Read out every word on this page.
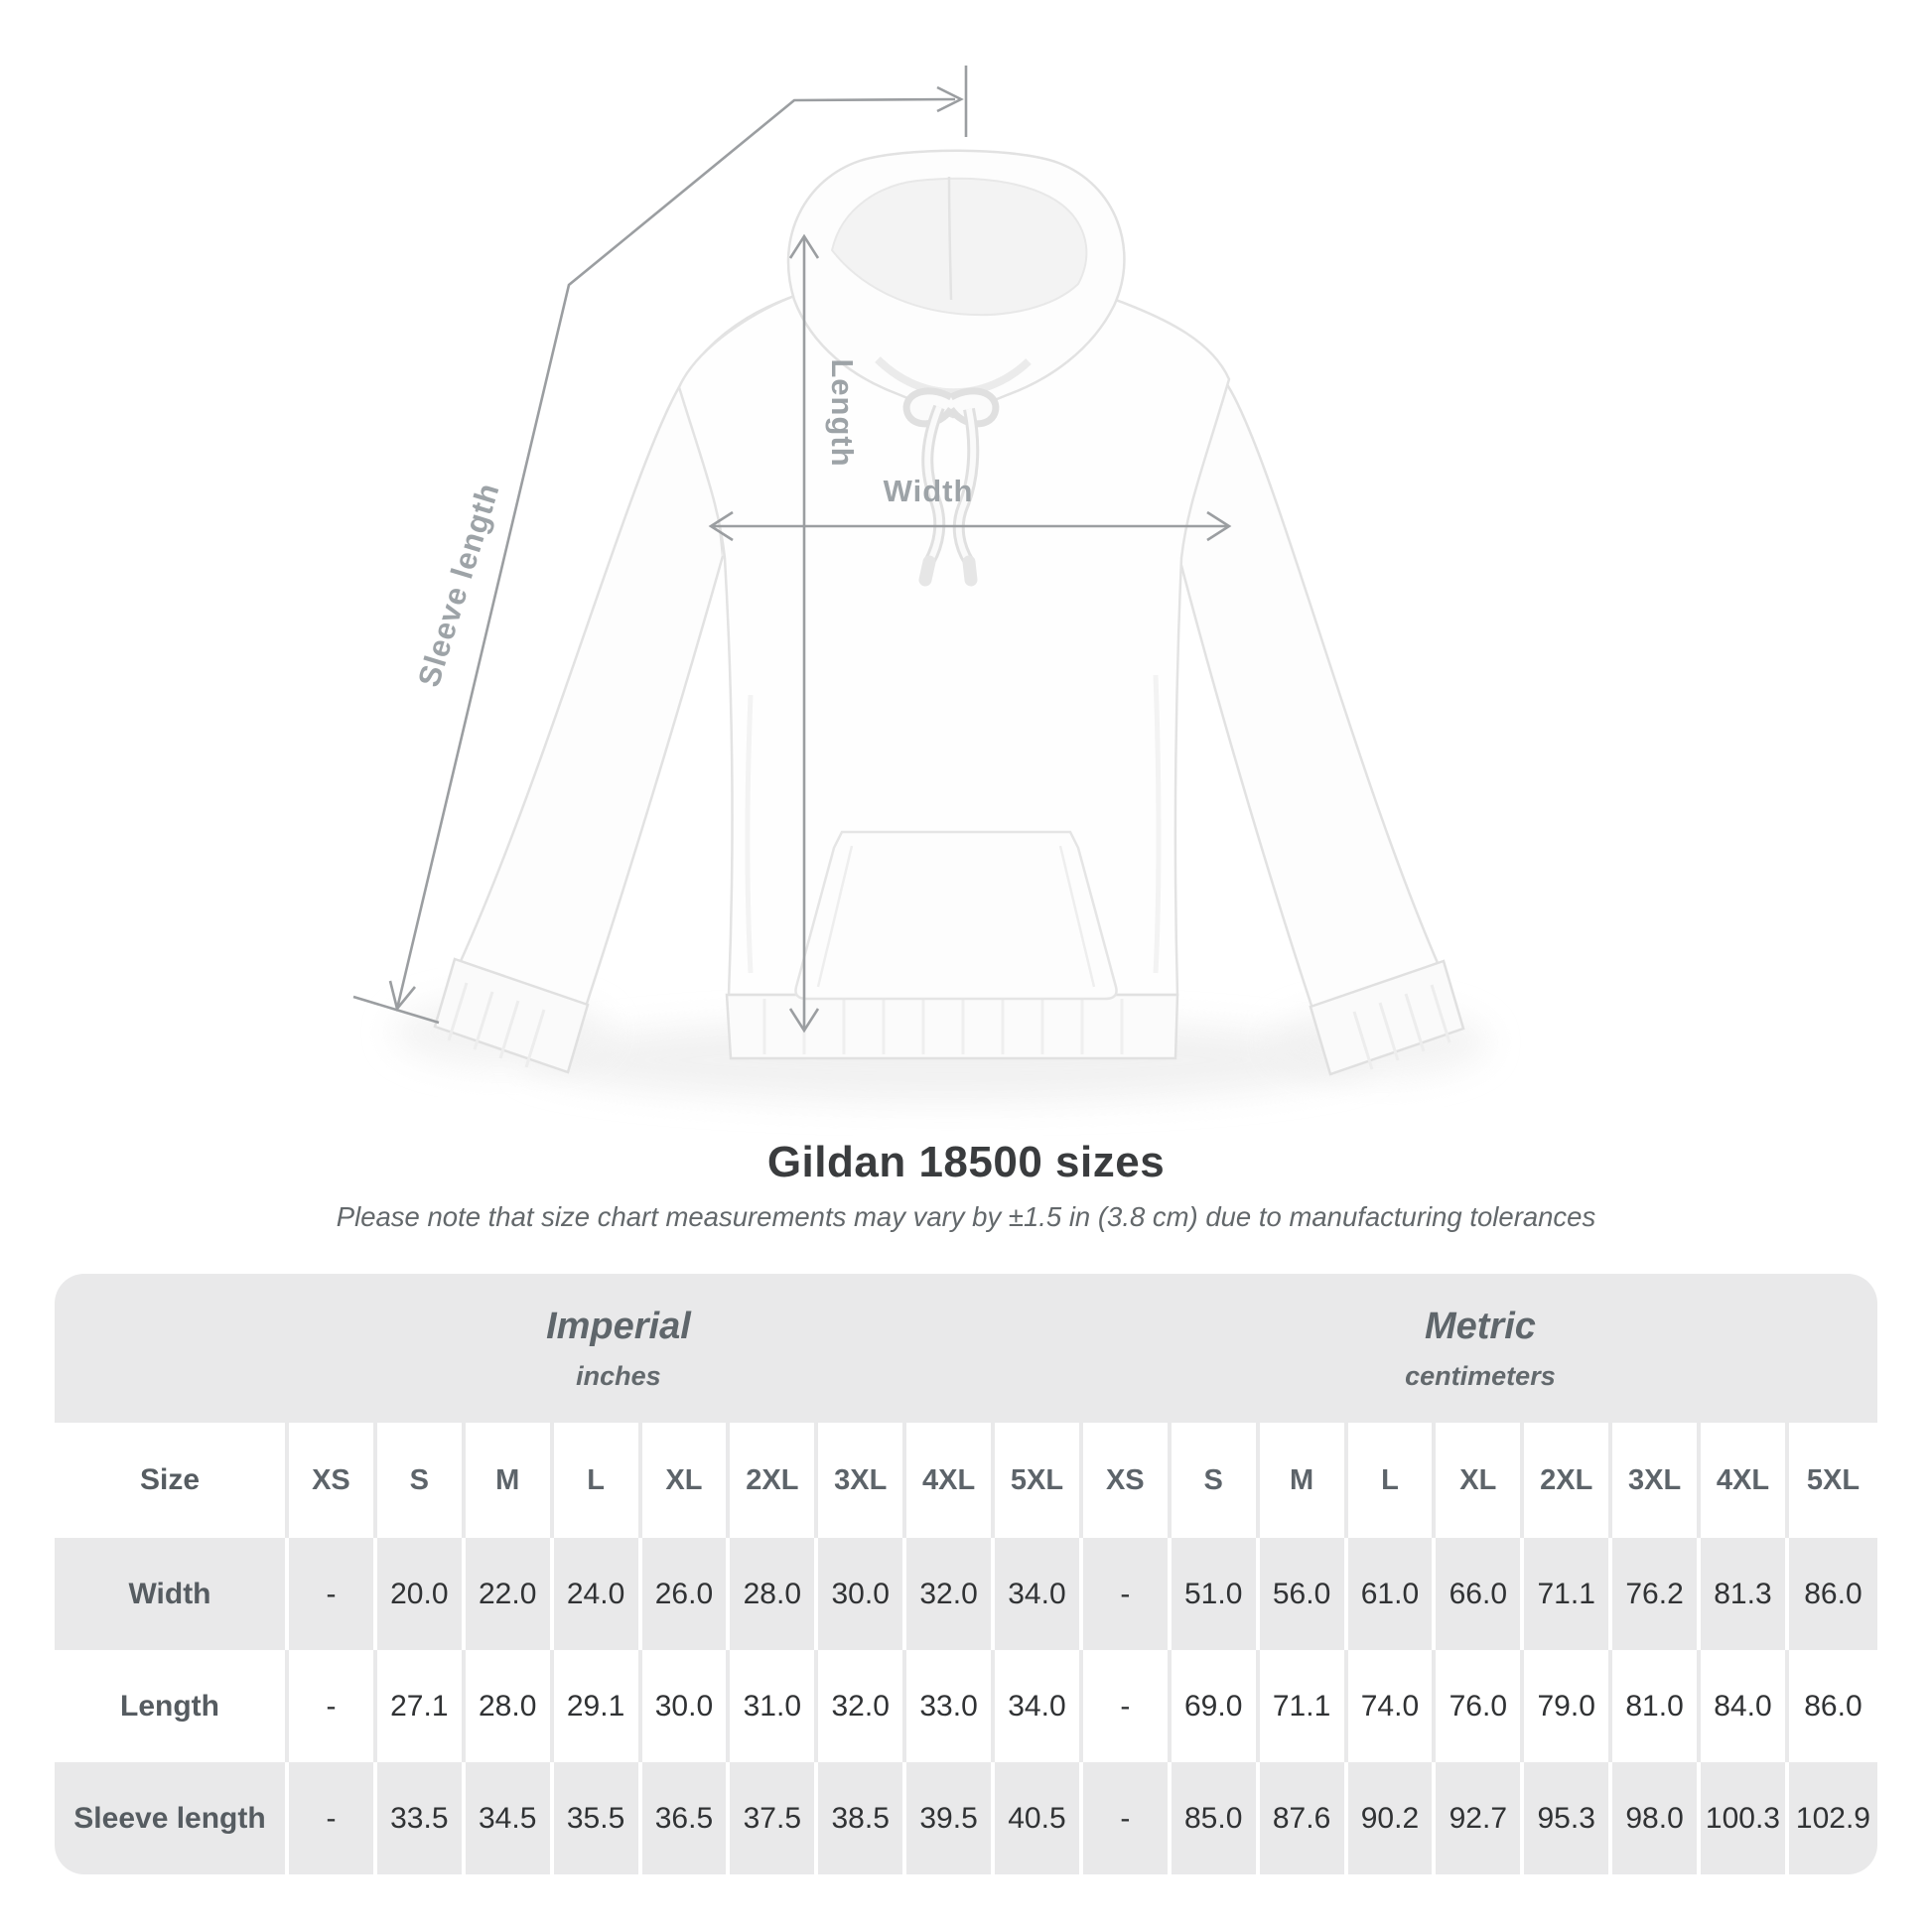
Sleeve length
Length
Width
Gildan 18500 sizes

Please note that size chart measurements may vary by ±1.5 in (3.8 cm) due to manufacturing tolerances

Imperial
inches

Metric
centimeters

Size	XS	S	M	L	XL	2XL	3XL	4XL	5XL	XS	S	M	L	XL	2XL	3XL	4XL	5XL
Width	-	20.0	22.0	24.0	26.0	28.0	30.0	32.0	34.0	-	51.0	56.0	61.0	66.0	71.1	76.2	81.3	86.0
Length	-	27.1	28.0	29.1	30.0	31.0	32.0	33.0	34.0	-	69.0	71.1	74.0	76.0	79.0	81.0	84.0	86.0
Sleeve length	-	33.5	34.5	35.5	36.5	37.5	38.5	39.5	40.5	-	85.0	87.6	90.2	92.7	95.3	98.0	100.3	102.9
